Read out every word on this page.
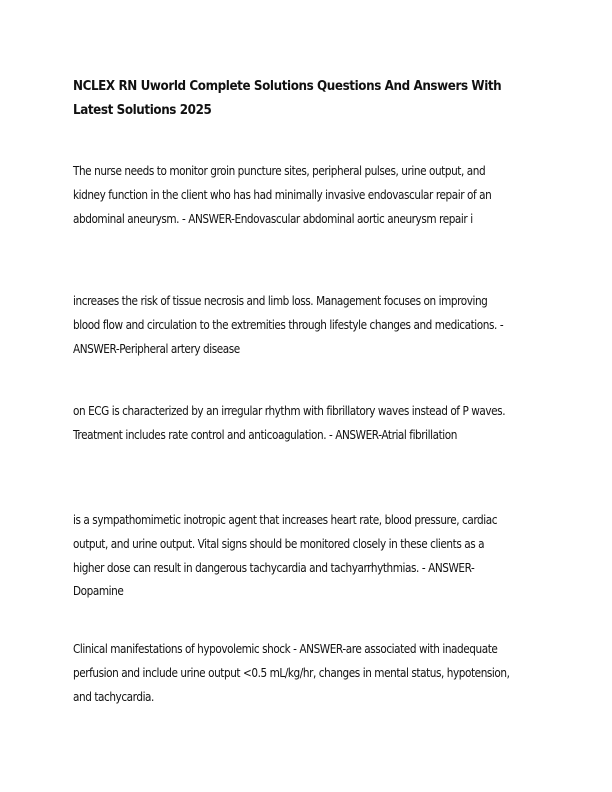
NCLEX RN Uworld Complete Solutions Questions And Answers With Latest Solutions 2025

The nurse needs to monitor groin puncture sites, peripheral pulses, urine output, and kidney function in the client who has had minimally invasive endovascular repair of an abdominal aneurysm. - ANSWER-Endovascular abdominal aortic aneurysm repair i

increases the risk of tissue necrosis and limb loss. Management focuses on improving blood flow and circulation to the extremities through lifestyle changes and medications. - ANSWER-Peripheral artery disease

on ECG is characterized by an irregular rhythm with fibrillatory waves instead of P waves. Treatment includes rate control and anticoagulation. - ANSWER-Atrial fibrillation

is a sympathomimetic inotropic agent that increases heart rate, blood pressure, cardiac output, and urine output. Vital signs should be monitored closely in these clients as a higher dose can result in dangerous tachycardia and tachyarrhythmias. - ANSWER-Dopamine

Clinical manifestations of hypovolemic shock - ANSWER-are associated with inadequate perfusion and include urine output <0.5 mL/kg/hr, changes in mental status, hypotension, and tachycardia.
